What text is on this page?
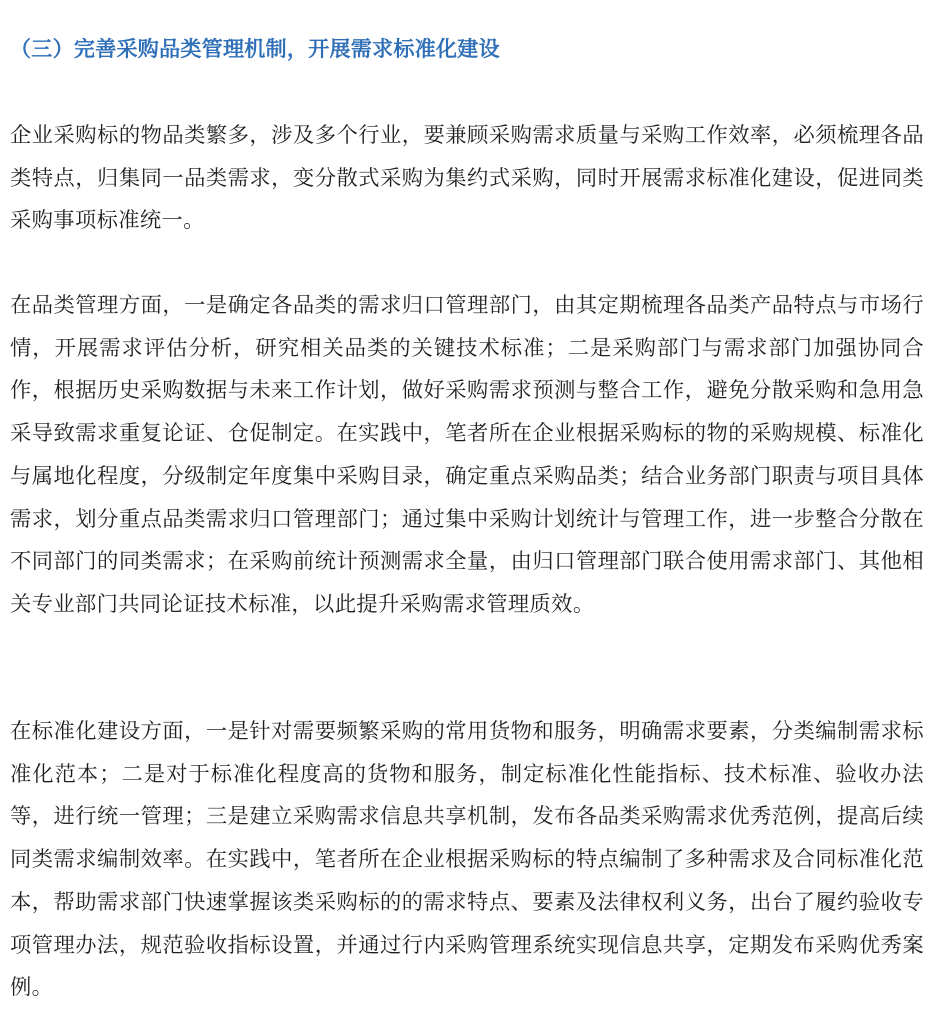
（三）完善采购品类管理机制，开展需求标准化建设

企业采购标的物品类繁多，涉及多个行业，要兼顾采购需求质量与采购工作效率，必须梳理各品类特点，归集同一品类需求，变分散式采购为集约式采购，同时开展需求标准化建设，促进同类采购事项标准统一。

在品类管理方面，一是确定各品类的需求归口管理部门，由其定期梳理各品类产品特点与市场行情，开展需求评估分析，研究相关品类的关键技术标准；二是采购部门与需求部门加强协同合作，根据历史采购数据与未来工作计划，做好采购需求预测与整合工作，避免分散采购和急用急采导致需求重复论证、仓促制定。在实践中，笔者所在企业根据采购标的物的采购规模、标准化与属地化程度，分级制定年度集中采购目录，确定重点采购品类；结合业务部门职责与项目具体需求，划分重点品类需求归口管理部门；通过集中采购计划统计与管理工作，进一步整合分散在不同部门的同类需求；在采购前统计预测需求全量，由归口管理部门联合使用需求部门、其他相关专业部门共同论证技术标准，以此提升采购需求管理质效。

在标准化建设方面，一是针对需要频繁采购的常用货物和服务，明确需求要素，分类编制需求标准化范本；二是对于标准化程度高的货物和服务，制定标准化性能指标、技术标准、验收办法等，进行统一管理；三是建立采购需求信息共享机制，发布各品类采购需求优秀范例，提高后续同类需求编制效率。在实践中，笔者所在企业根据采购标的特点编制了多种需求及合同标准化范本，帮助需求部门快速掌握该类采购标的的需求特点、要素及法律权利义务，出台了履约验收专项管理办法，规范验收指标设置，并通过行内采购管理系统实现信息共享，定期发布采购优秀案例。
